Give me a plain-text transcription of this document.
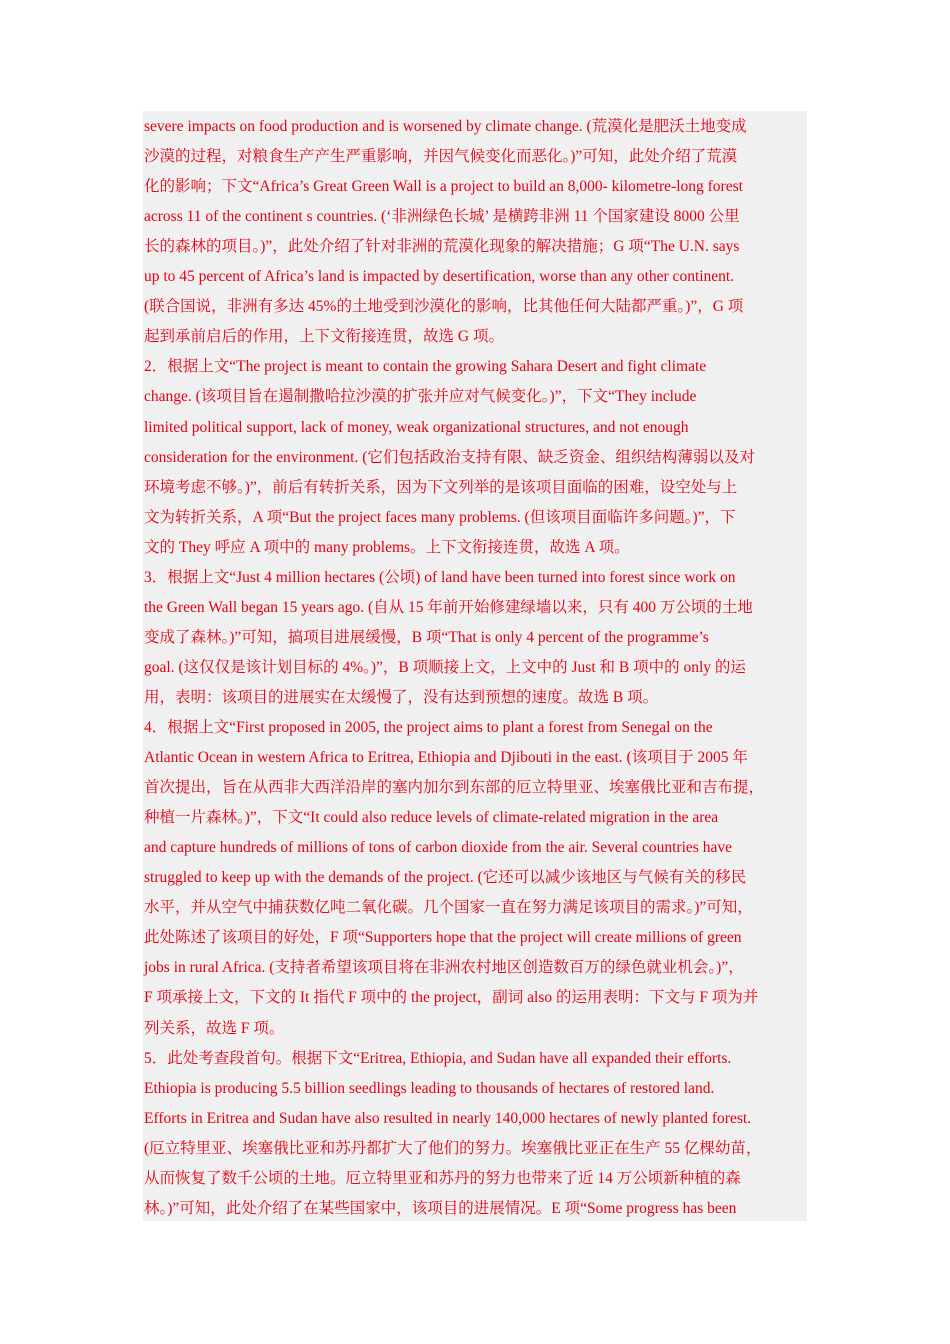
severe impacts on food production and is worsened by climate change. (荒漠化是肥沃土地变成
沙漠的过程，对粮食生产产生严重影响，并因气候变化而恶化。)”可知，此处介绍了荒漠
化的影响；下文“Africa’s Great Green Wall is a project to build an 8,000- kilometre-long forest
across 11 of the continent s countries. (‘非洲绿色长城’ 是横跨非洲 11 个国家建设 8000 公里
长的森林的项目。)”，此处介绍了针对非洲的荒漠化现象的解决措施；G 项“The U.N. says
up to 45 percent of Africa’s land is impacted by desertification, worse than any other continent.
(联合国说，非洲有多达 45%的土地受到沙漠化的影响，比其他任何大陆都严重。)”，G 项
起到承前启后的作用，上下文衔接连贯，故选 G 项。
2．根据上文“The project is meant to contain the growing Sahara Desert and fight climate
change. (该项目旨在遏制撒哈拉沙漠的扩张并应对气候变化。)”，下文“They include
limited political support, lack of money, weak organizational structures, and not enough
consideration for the environment. (它们包括政治支持有限、缺乏资金、组织结构薄弱以及对
环境考虑不够。)”，前后有转折关系，因为下文列举的是该项目面临的困难，设空处与上
文为转折关系，A 项“But the project faces many problems. (但该项目面临许多问题。)”，下
文的 They 呼应 A 项中的 many problems。上下文衔接连贯，故选 A 项。
3．根据上文“Just 4 million hectares (公顷) of land have been turned into forest since work on
the Green Wall began 15 years ago. (自从 15 年前开始修建绿墙以来，只有 400 万公顷的土地
变成了森林。)”可知，搞项目进展缓慢，B 项“That is only 4 percent of the programme’s
goal. (这仅仅是该计划目标的 4%。)”，B 项顺接上文，上文中的 Just 和 B 项中的 only 的运
用，表明：该项目的进展实在太缓慢了，没有达到预想的速度。故选 B 项。
4．根据上文“First proposed in 2005, the project aims to plant a forest from Senegal on the
Atlantic Ocean in western Africa to Eritrea, Ethiopia and Djibouti in the east. (该项目于 2005 年
首次提出，旨在从西非大西洋沿岸的塞内加尔到东部的厄立特里亚、埃塞俄比亚和吉布提，
种植一片森林。)”，下文“It could also reduce levels of climate-related migration in the area
and capture hundreds of millions of tons of carbon dioxide from the air. Several countries have
struggled to keep up with the demands of the project. (它还可以减少该地区与气候有关的移民
水平，并从空气中捕获数亿吨二氧化碳。几个国家一直在努力满足该项目的需求。)”可知，
此处陈述了该项目的好处，F 项“Supporters hope that the project will create millions of green
jobs in rural Africa. (支持者希望该项目将在非洲农村地区创造数百万的绿色就业机会。)”，
F 项承接上文，下文的 It 指代 F 项中的 the project，副词 also 的运用表明：下文与 F 项为并
列关系，故选 F 项。
5．此处考查段首句。根据下文“Eritrea, Ethiopia, and Sudan have all expanded their efforts.
Ethiopia is producing 5.5 billion seedlings leading to thousands of hectares of restored land.
Efforts in Eritrea and Sudan have also resulted in nearly 140,000 hectares of newly planted forest.
(厄立特里亚、埃塞俄比亚和苏丹都扩大了他们的努力。埃塞俄比亚正在生产 55 亿棵幼苗，
从而恢复了数千公顷的土地。厄立特里亚和苏丹的努力也带来了近 14 万公顷新种植的森
林。)”可知，此处介绍了在某些国家中，该项目的进展情况。E 项“Some progress has been
